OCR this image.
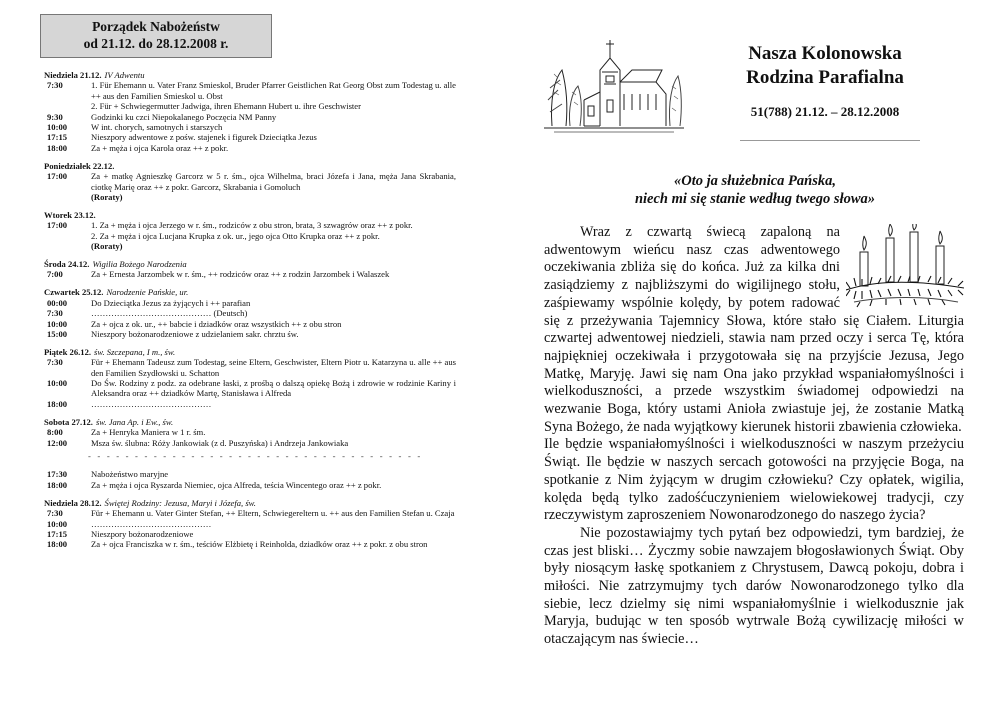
Porządek Nabożeństw
od 21.12. do 28.12.2008 r.
Niedziela 21.12. IV Adwentu
7:30	1. Für Ehemann u. Vater Franz Smieskol, Bruder Pfarrer Geistlichen Rat Georg Obst zum Todestag u. alle ++ aus den Familien Smieskol u. Obst
2. Für + Schwiegermutter Jadwiga, ihren Ehemann Hubert u. ihre Geschwister
9:30	Godzinki ku czci Niepokalanego Poczęcia NM Panny
10:00	W int. chorych, samotnych i starszych
17:15	Nieszpory adwentowe z pośw. stajenek i figurek Dzieciątka Jezus
18:00	Za + męża i ojca Karola oraz ++ z pokr.
Poniedziałek 22.12.
17:00	Za + matkę Agnieszkę Garcorz w 5 r. śm., ojca Wilhelma, braci Józefa i Jana, męża Jana Skrabania, ciotkę Marię oraz ++ z pokr. Garcorz, Skrabania i Gomoluch
(Roraty)
Wtorek 23.12.
17:00	1. Za + męża i ojca Jerzego w r. śm., rodziców z obu stron, brata, 3 szwagrów oraz ++ z pokr.
2. Za + męża i ojca Lucjana Krupka z ok. ur., jego ojca Otto Krupka oraz ++ z pokr.
(Roraty)
Środa 24.12. Wigilia Bożego Narodzenia
7:00	Za + Ernesta Jarzombek w r. śm., ++ rodziców oraz ++ z rodzin Jarzombek i Walaszek
Czwartek 25.12. Narodzenie Pańskie, ur.
00:00	Do Dzieciątka Jezus za żyjących i ++ parafian
7:30	…………………………………… (Deutsch)
10:00	Za + ojca z ok. ur., ++ babcie i dziadków oraz wszystkich ++ z obu stron
15:00	Nieszpory bożonarodzeniowe z udzielaniem sakr. chrztu św.
Piątek 26.12. św. Szczepana, I m., św.
7:30	Für + Ehemann Tadeusz zum Todestag, seine Eltern, Geschwister, Eltern Piotr u. Katarzyna u. alle ++ aus den Familien Szydłowski u. Schatton
10:00	Do Św. Rodziny z podz. za odebrane łaski, z prośbą o dalszą opiekę Bożą i zdrowie w rodzinie Kariny i Aleksandra oraz ++ dziadków Martę, Stanisława i Alfreda
18:00	……………………………………
Sobota 27.12. św. Jana Ap. i Ew., św.
8:00	Za + Henryka Maniera w 1 r. śm.
12:00	Msza św. ślubna: Róży Jankowiak (z d. Puszyńska) i Andrzeja Jankowiaka
- - - - - - - - - - - - - - - - - - - - - - - - - - - - - - - - - - - -
17:30	Nabożeństwo maryjne
18:00	Za + męża i ojca Ryszarda Niemiec, ojca Alfreda, teścia Wincentego oraz ++ z pokr.
Niedziela 28.12. Świętej Rodziny: Jezusa, Maryi i Józefa, św.
7:30	Für + Ehemann u. Vater Ginter Stefan, ++ Eltern, Schwiegereltern u. ++ aus den Familien Stefan u. Czaja
10:00	……………………………………
17:15	Nieszpory bożonarodzeniowe
18:00	Za + ojca Franciszka w r. śm., teściów Elżbietę i Reinholda, dziadków oraz ++ z pokr. z obu stron
Nasza Kolonowska
Rodzina Parafialna
51(788) 21.12. – 28.12.2008
«Oto ja służebnica Pańska,
niech mi się stanie według twego słowa»

Wraz z czwartą świecą zapaloną na adwentowym wieńcu nasz czas adwentowego oczekiwania zbliża się do końca. Już za kilka dni zasiądziemy z najbliższymi do wigilijnego stołu, zaśpiewamy wspólnie kolędy, by potem radować się z przeżywania Tajemnicy Słowa, które stało się Ciałem. Liturgia czwartej adwentowej niedzieli, stawia nam przed oczy i serca Tę, która najpiękniej oczekiwała i przygotowała się na przyjście Jezusa, Jego Matkę, Maryję. Jawi się nam Ona jako przykład wspaniałomyślności i wielkoduszności, a przede wszystkim świadomej odpowiedzi na wezwanie Boga, który ustami Anioła zwiastuje jej, że zostanie Matką Syna Bożego, że nada wyjątkowy kierunek historii zbawienia człowieka.

Ile będzie wspaniałomyślności i wielkoduszności w naszym przeżyciu Świąt. Ile będzie w naszych sercach gotowości na przyjęcie Boga, na spotkanie z Nim żyjącym w drugim człowieku? Czy opłatek, wigilia, kolęda będą tylko zadośćuczynieniem wielowiekowej tradycji, czy rzeczywistym zaproszeniem Nowonarodzonego do naszego życia?

Nie pozostawiajmy tych pytań bez odpowiedzi, tym bardziej, że czas jest bliski… Życzmy sobie nawzajem błogosławionych Świąt. Oby były niosącym łaskę spotkaniem z Chrystusem, Dawcą pokoju, dobra i miłości. Nie zatrzymujmy tych darów Nowonarodzonego tylko dla siebie, lecz dzielmy się nimi wspaniałomyślnie i wielkodusznie jak Maryja, budując w ten sposób wytrwale Bożą cywilizację miłości w otaczającym nas świecie…
